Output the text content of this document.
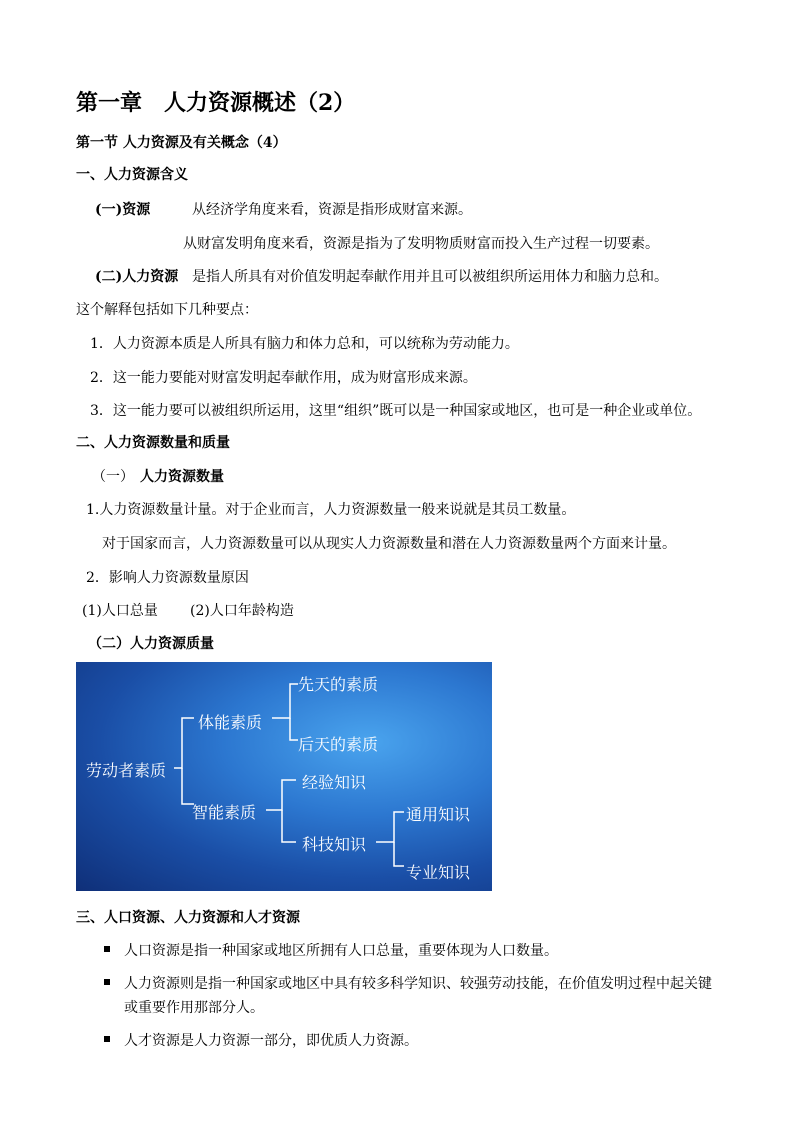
第一章　人力资源概述（2）
第一节 人力资源及有关概念（4）
一、人力资源含义
(一)资源	从经济学角度来看，资源是指形成财富来源。
从财富发明角度来看，资源是指为了发明物质财富而投入生产过程一切要素。
(二)人力资源 是指人所具有对价值发明起奉献作用并且可以被组织所运用体力和脑力总和。
这个解释包括如下几种要点：
1．人力资源本质是人所具有脑力和体力总和，可以统称为劳动能力。
2．这一能力要能对财富发明起奉献作用，成为财富形成来源。
3．这一能力要可以被组织所运用，这里“组织”既可以是一种国家或地区，也可是一种企业或单位。
二、人力资源数量和质量
（一） 人力资源数量
1.人力资源数量计量。对于企业而言，人力资源数量一般来说就是其员工数量。
对于国家而言，人力资源数量可以从现实人力资源数量和潜在人力资源数量两个方面来计量。
2．影响人力资源数量原因
(1)人口总量 (2)人口年龄构造
（二）人力资源质量
劳动者素质
体能素质
先天的素质
后天的素质
智能素质
经验知识
科技知识
通用知识
专业知识
三、人口资源、人力资源和人才资源
人口资源是指一种国家或地区所拥有人口总量，重要体现为人口数量。
人力资源则是指一种国家或地区中具有较多科学知识、较强劳动技能，在价值发明过程中起关键
或重要作用那部分人。
人才资源是人力资源一部分，即优质人力资源。
